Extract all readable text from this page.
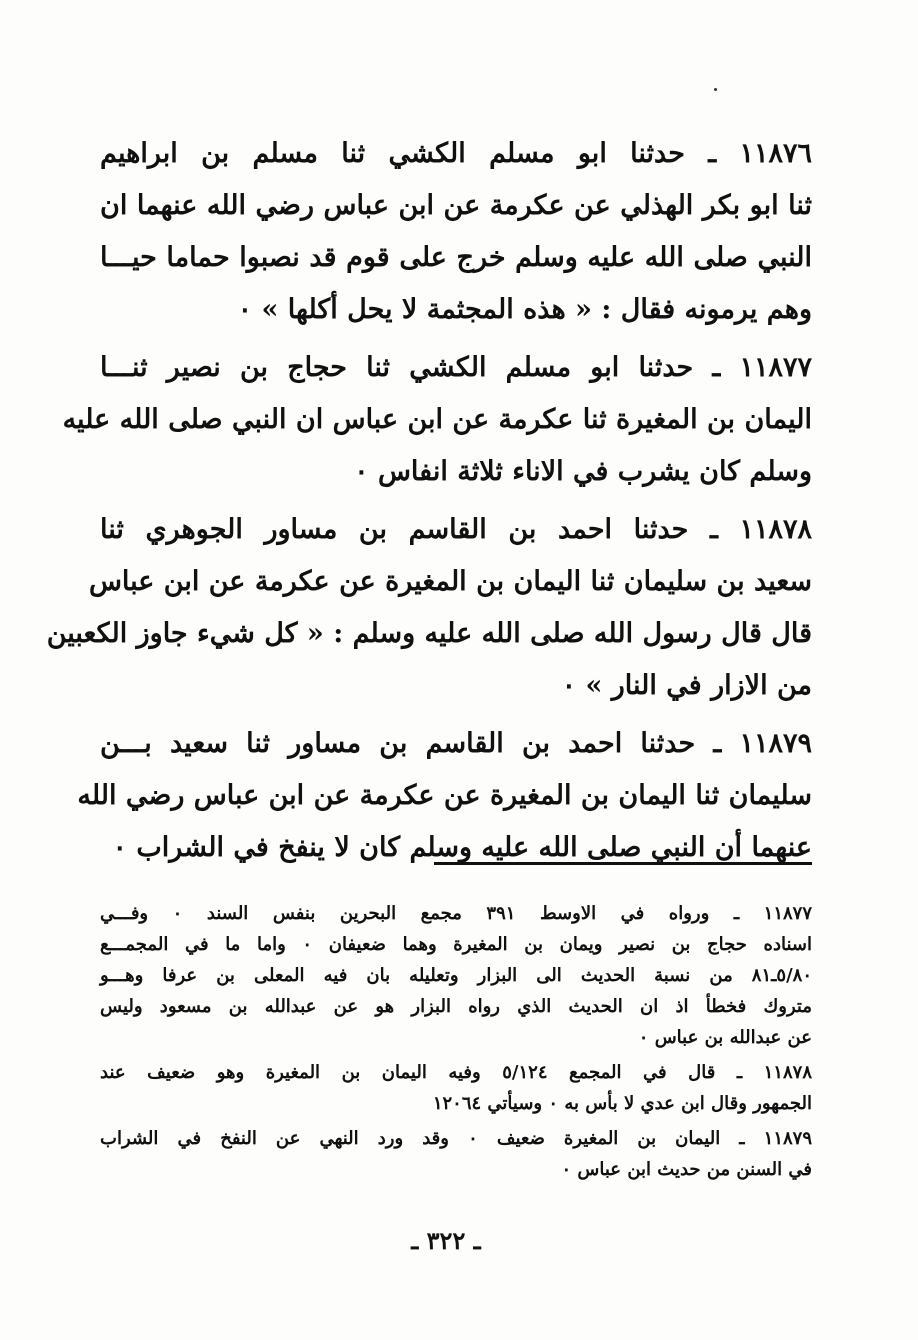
١١٨٧٦ ـ حدثنا ابو مسلم الكشي ثنا مسلم بن ابراهيم
ثنا ابو بكر الهذلي عن عكرمة عن ابن عباس رضي الله عنهما ان
النبي صلى الله عليه وسلم خرج على قوم قد نصبوا حماما حيـــا
وهم يرمونه فقال : « هذه المجثمة لا يحل أكلها » ٠
١١٨٧٧ ـ حدثنا ابو مسلم الكشي ثنا حجاج بن نصير ثنـــا
اليمان بن المغيرة ثنا عكرمة عن ابن عباس ان النبي صلى الله عليه
وسلم كان يشرب في الاناء ثلاثة انفاس ٠
١١٨٧٨ ـ حدثنا احمد بن القاسم بن مساور الجوهري ثنا
سعيد بن سليمان ثنا اليمان بن المغيرة عن عكرمة عن ابن عباس
قال قال رسول الله صلى الله عليه وسلم : « كل شيء جاوز الكعبين
من الازار في النار » ٠
١١٨٧٩ ـ حدثنا احمد بن القاسم بن مساور ثنا سعيد بـــن
سليمان ثنا اليمان بن المغيرة عن عكرمة عن ابن عباس رضي الله
عنهما أن النبي صلى الله عليه وسلم كان لا ينفخ في الشراب ٠
١١٨٧٧ ـ ورواه في الاوسط ٣٩١ مجمع البحرين بنفس السند ٠ وفـــي
اسناده حجاج بن نصير ويمان بن المغيرة وهما ضعيفان ٠ واما ما في المجمـــع
٥/٨٠ـ٨١ من نسبة الحديث الى البزار وتعليله بان فيه المعلى بن عرفا وهـــو
متروك فخطأ اذ ان الحديث الذي رواه البزار هو عن عبدالله بن مسعود وليس
عن عبدالله بن عباس ٠
١١٨٧٨ ـ قال في المجمع ٥/١٢٤ وفيه اليمان بن المغيرة وهو ضعيف عند
الجمهور وقال ابن عدي لا بأس به ٠ وسيأتي ١٢٠٦٤
١١٨٧٩ ـ اليمان بن المغيرة ضعيف ٠ وقد ورد النهي عن النفخ في الشراب
في السنن من حديث ابن عباس ٠
ـ ٣٢٢ ـ
